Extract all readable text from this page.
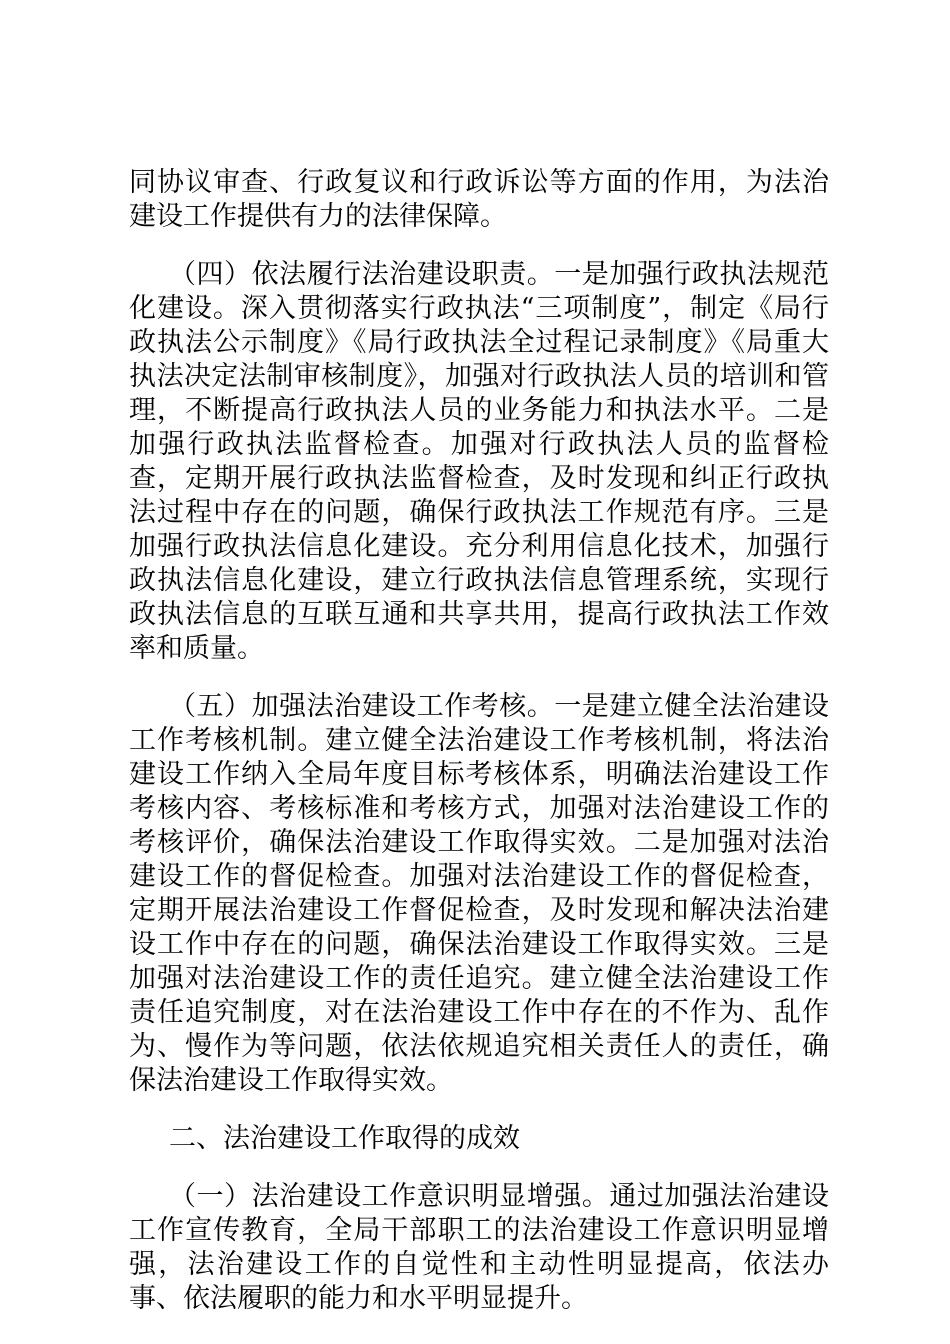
同协议审查、行政复议和行政诉讼等方面的作用，为法治建设工作提供有力的法律保障。

（四）依法履行法治建设职责。一是加强行政执法规范化建设。深入贯彻落实行政执法“三项制度”，制定《局行政执法公示制度》《局行政执法全过程记录制度》《局重大执法决定法制审核制度》，加强对行政执法人员的培训和管理，不断提高行政执法人员的业务能力和执法水平。二是加强行政执法监督检查。加强对行政执法人员的监督检查，定期开展行政执法监督检查，及时发现和纠正行政执法过程中存在的问题，确保行政执法工作规范有序。三是加强行政执法信息化建设。充分利用信息化技术，加强行政执法信息化建设，建立行政执法信息管理系统，实现行政执法信息的互联互通和共享共用，提高行政执法工作效率和质量。

（五）加强法治建设工作考核。一是建立健全法治建设工作考核机制。建立健全法治建设工作考核机制，将法治建设工作纳入全局年度目标考核体系，明确法治建设工作考核内容、考核标准和考核方式，加强对法治建设工作的考核评价，确保法治建设工作取得实效。二是加强对法治建设工作的督促检查。加强对法治建设工作的督促检查，定期开展法治建设工作督促检查，及时发现和解决法治建设工作中存在的问题，确保法治建设工作取得实效。三是加强对法治建设工作的责任追究。建立健全法治建设工作责任追究制度，对在法治建设工作中存在的不作为、乱作为、慢作为等问题，依法依规追究相关责任人的责任，确保法治建设工作取得实效。

二、法治建设工作取得的成效

（一）法治建设工作意识明显增强。通过加强法治建设工作宣传教育，全局干部职工的法治建设工作意识明显增强，法治建设工作的自觉性和主动性明显提高，依法办事、依法履职的能力和水平明显提升。
